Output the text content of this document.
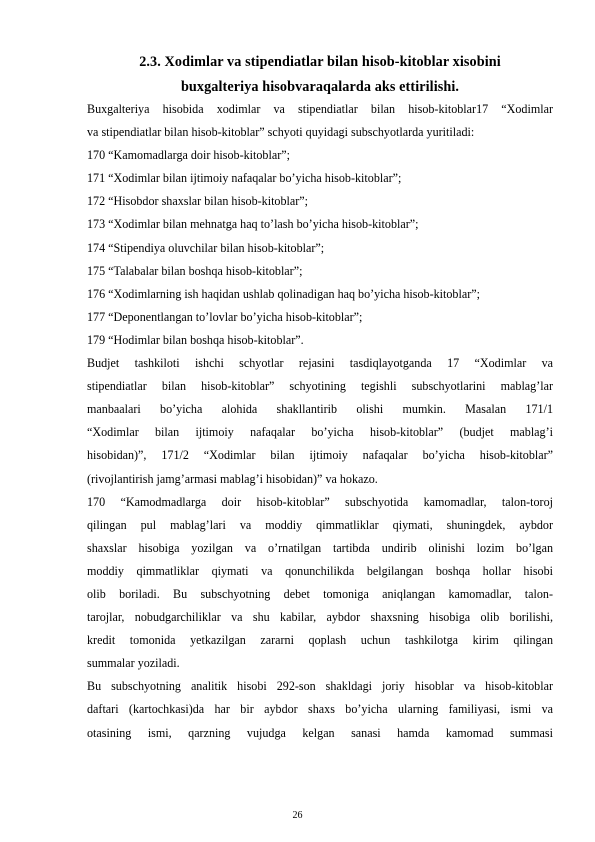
2.3. Xodimlar va stipendiatlar bilan hisob-kitoblar xisobini
buxgalteriya hisobvaraqalarda aks ettirilishi.
Buxgalteriya hisobida xodimlar va stipendiatlar bilan hisob-kitoblar17 “Xodimlar
va stipendiatlar bilan hisob-kitoblar” schyoti quyidagi subschyotlarda yuritiladi:
170 “Kamomadlarga doir hisob-kitoblar”;
171 “Xodimlar bilan ijtimoiy nafaqalar bo’yicha hisob-kitoblar”;
172 “Hisobdor shaxslar bilan hisob-kitoblar”;
173 “Xodimlar bilan mehnatga haq to’lash bo’yicha hisob-kitoblar”;
174 “Stipendiya oluvchilar bilan hisob-kitoblar”;
175 “Talabalar bilan boshqa hisob-kitoblar”;
176 “Xodimlarning ish haqidan ushlab qolinadigan haq bo’yicha hisob-kitoblar”;
177 “Deponentlangan to’lovlar bo’yicha hisob-kitoblar”;
179 “Hodimlar bilan boshqa hisob-kitoblar”.
Budjet tashkiloti ishchi schyotlar rejasini tasdiqlayotganda 17 “Xodimlar va
stipendiatlar bilan hisob-kitoblar” schyotining tegishli subschyotlarini mablag’lar
manbaalari bo’yicha alohida shakllantirib olishi mumkin. Masalan 171/1
“Xodimlar bilan ijtimoiy nafaqalar bo’yicha hisob-kitoblar” (budjet mablag’i
hisobidan)”, 171/2 “Xodimlar bilan ijtimoiy nafaqalar bo’yicha hisob-kitoblar”
(rivojlantirish jamg’armasi mablag’i hisobidan)” va hokazo.
170 “Kamodmadlarga doir hisob-kitoblar” subschyotida kamomadlar, talon-toroj
qilingan pul mablag’lari va moddiy qimmatliklar qiymati, shuningdek, aybdor
shaxslar hisobiga yozilgan va o’rnatilgan tartibda undirib olinishi lozim bo’lgan
moddiy qimmatliklar qiymati va qonunchilikda belgilangan boshqa hollar hisobi
olib boriladi. Bu subschyotning debet tomoniga aniqlangan kamomadlar, talon-
tarojlar, nobudgarchiliklar va shu kabilar, aybdor shaxsning hisobiga olib borilishi,
kredit tomonida yetkazilgan zararni qoplash uchun tashkilotga kirim qilingan
summalar yoziladi.
Bu subschyotning analitik hisobi 292-son shakldagi joriy hisoblar va hisob-kitoblar
daftari (kartochkasi)da har bir aybdor shaxs bo’yicha ularning familiyasi, ismi va
otasining ismi, qarzning vujudga kelgan sanasi hamda kamomad summasi
26
